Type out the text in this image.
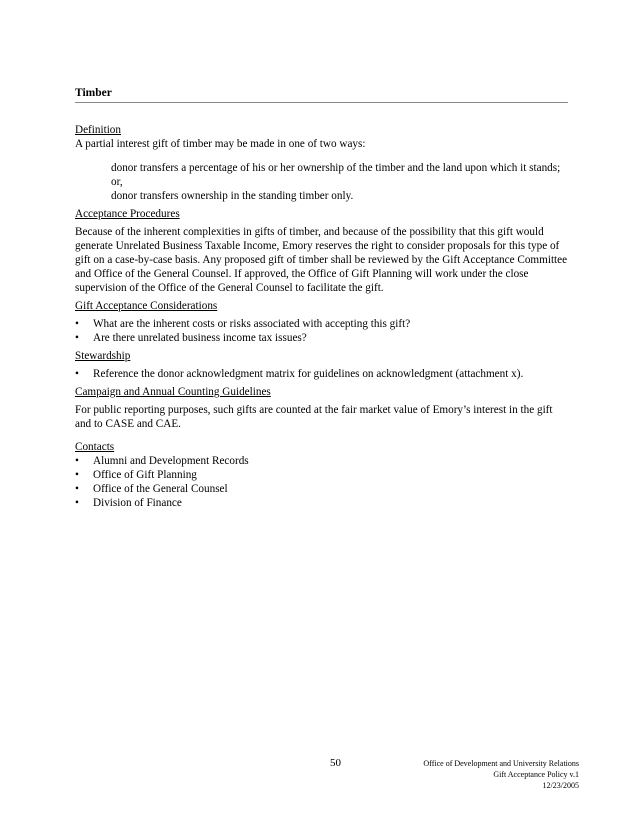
Timber

Definition

A partial interest gift of timber may be made in one of two ways:

donor transfers a percentage of his or her ownership of the timber and the land upon which it stands; or,

donor transfers ownership in the standing timber only.

Acceptance Procedures

Because of the inherent complexities in gifts of timber, and because of the possibility that this gift would generate Unrelated Business Taxable Income, Emory reserves the right to consider proposals for this type of gift on a case-by-case basis. Any proposed gift of timber shall be reviewed by the Gift Acceptance Committee and Office of the General Counsel. If approved, the Office of Gift Planning will work under the close supervision of the Office of the General Counsel to facilitate the gift.

Gift Acceptance Considerations

• What are the inherent costs or risks associated with accepting this gift?
• Are there unrelated business income tax issues?

Stewardship

• Reference the donor acknowledgment matrix for guidelines on acknowledgment (attachment x).

Campaign and Annual Counting Guidelines

For public reporting purposes, such gifts are counted at the fair market value of Emory’s interest in the gift and to CASE and CAE.

Contacts

• Alumni and Development Records
• Office of Gift Planning
• Office of the General Counsel
• Division of Finance
50	Office of Development and University Relations
Gift Acceptance Policy v.1
12/23/2005
